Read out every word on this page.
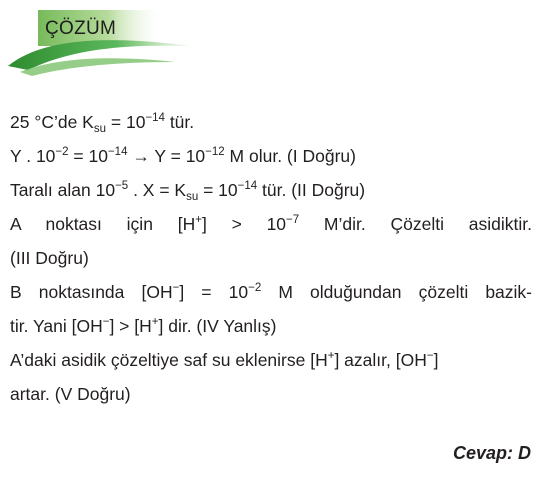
ÇÖZÜM
25 °C’de $K_{su} = 10^{-14}$ tür.
Y . $10^{-2} = 10^{-14} \to Y = 10^{-12}$ M olur. (I Doğru)
Taralı alan $10^{-5}$ . $X = K_{su} = 10^{-14}$ tür. (II Doğru)
A noktası için $[H^+] > 10^{-7}$ M’dir. Çözelti asidiktir.
(III Doğru)
B noktasında $[OH^-] = 10^{-2}$ M olduğundan çözelti bazik-
tir. Yani [OH−] > [H+] dir. (IV Yanlış)
A’daki asidik çözeltiye saf su eklenirse [H+] azalır, [OH−]
artar. (V Doğru)
Cevap: D
